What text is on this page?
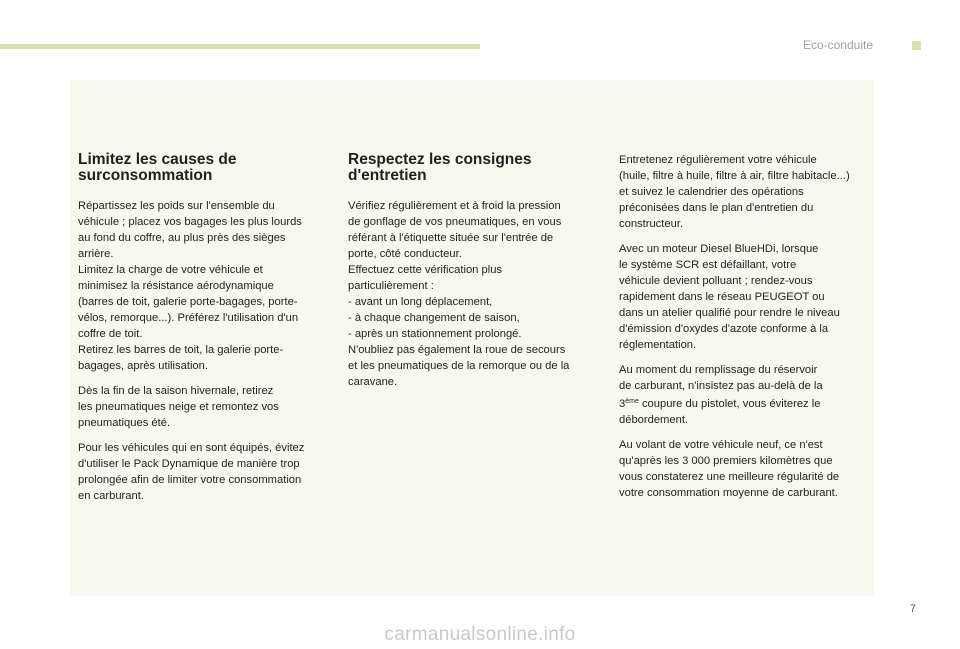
Eco-conduite
Limitez les causes de
surconsommation

Répartissez les poids sur l'ensemble du
véhicule ; placez vos bagages les plus lourds
au fond du coffre, au plus près des sièges
arrière.
Limitez la charge de votre véhicule et
minimisez la résistance aérodynamique
(barres de toit, galerie porte-bagages, porte-
vélos, remorque...). Préférez l'utilisation d'un
coffre de toit.
Retirez les barres de toit, la galerie porte-
bagages, après utilisation.

Dès la fin de la saison hivernale, retirez
les pneumatiques neige et remontez vos
pneumatiques été.

Pour les véhicules qui en sont équipés, évitez
d'utiliser le Pack Dynamique de manière trop
prolongée afin de limiter votre consommation
en carburant.

Respectez les consignes
d'entretien

Vérifiez régulièrement et à froid la pression
de gonflage de vos pneumatiques, en vous
référant à l'étiquette située sur l'entrée de
porte, côté conducteur.
Effectuez cette vérification plus
particulièrement :
- avant un long déplacement,
- à chaque changement de saison,
- après un stationnement prolongé.
N'oubliez pas également la roue de secours
et les pneumatiques de la remorque ou de la
caravane.

Entretenez régulièrement votre véhicule
(huile, filtre à huile, filtre à air, filtre habitacle...)
et suivez le calendrier des opérations
préconisées dans le plan d'entretien du
constructeur.

Avec un moteur Diesel BlueHDi, lorsque
le système SCR est défaillant, votre
véhicule devient polluant ; rendez-vous
rapidement dans le réseau PEUGEOT ou
dans un atelier qualifié pour rendre le niveau
d'émission d'oxydes d'azote conforme à la
réglementation.

Au moment du remplissage du réservoir
de carburant, n'insistez pas au-delà de la
3ème coupure du pistolet, vous éviterez le
débordement.

Au volant de votre véhicule neuf, ce n'est
qu'après les 3 000 premiers kilomètres que
vous constaterez une meilleure régularité de
votre consommation moyenne de carburant.

7
carmanualsonline.info
